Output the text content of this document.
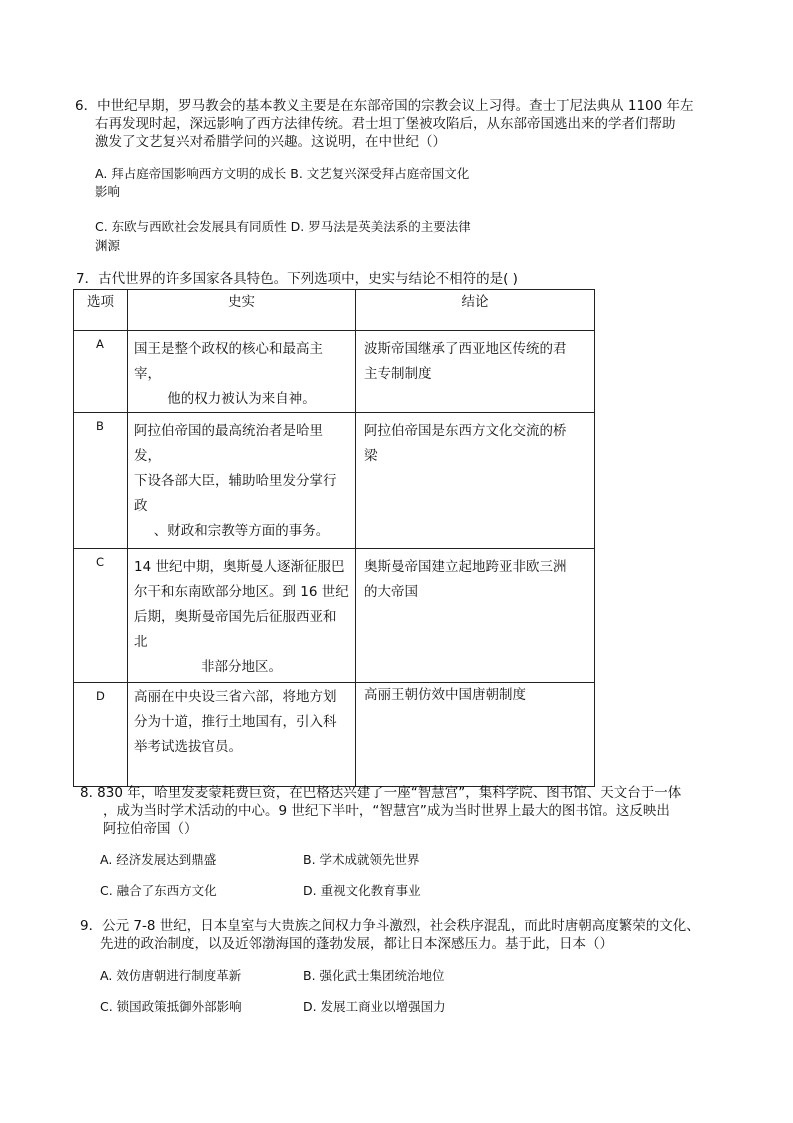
6．中世纪早期，罗马教会的基本教义主要是在东部帝国的宗教会议上习得。查士丁尼法典从 1100 年左
右再发现时起，深远影响了西方法律传统。君士坦丁堡被攻陷后，从东部帝国逃出来的学者们帮助
激发了文艺复兴对希腊学问的兴趣。这说明，在中世纪（）
A. 拜占庭帝国影响西方文明的成长 B. 文艺复兴深受拜占庭帝国文化
影响
C. 东欧与西欧社会发展具有同质性 D. 罗马法是英美法系的主要法律
渊源
7．古代世界的许多国家各具特色。下列选项中，史实与结论不相符的是( )
选项	史实	结论
A	国王是整个政权的核心和最高主宰，
他的权力被认为来自神。	波斯帝国继承了西亚地区传统的君
主专制制度

B	阿拉伯帝国的最高统治者是哈里发，
下设各部大臣，辅助哈里发分掌行政
、财政和宗教等方面的事务。	阿拉伯帝国是东西方文化交流的桥
梁

C	14 世纪中期，奥斯曼人逐渐征服巴
尔干和东南欧部分地区。到 16 世纪
后期，奥斯曼帝国先后征服西亚和北
非部分地区。	奥斯曼帝国建立起地跨亚非欧三洲
的大帝国

D	高丽在中央设三省六部，将地方划
分为十道，推行土地国有，引入科
举考试选拔官员。	高丽王朝仿效中国唐朝制度
8. 830 年，哈里发麦蒙耗费巨资，在巴格达兴建了一座“智慧宫”，集科学院、图书馆、天文台于一体
，成为当时学术活动的中心。9 世纪下半叶，“智慧宫”成为当时世界上最大的图书馆。这反映出
阿拉伯帝国（）
A. 经济发展达到鼎盛	B. 学术成就领先世界
C. 融合了东西方文化	D. 重视文化教育事业
9．公元 7-8 世纪，日本皇室与大贵族之间权力争斗激烈，社会秩序混乱，而此时唐朝高度繁荣的文化、
先进的政治制度，以及近邻渤海国的蓬勃发展，都让日本深感压力。基于此，日本（）
A. 效仿唐朝进行制度革新	B. 强化武士集团统治地位
C. 锁国政策抵御外部影响	D. 发展工商业以增强国力
